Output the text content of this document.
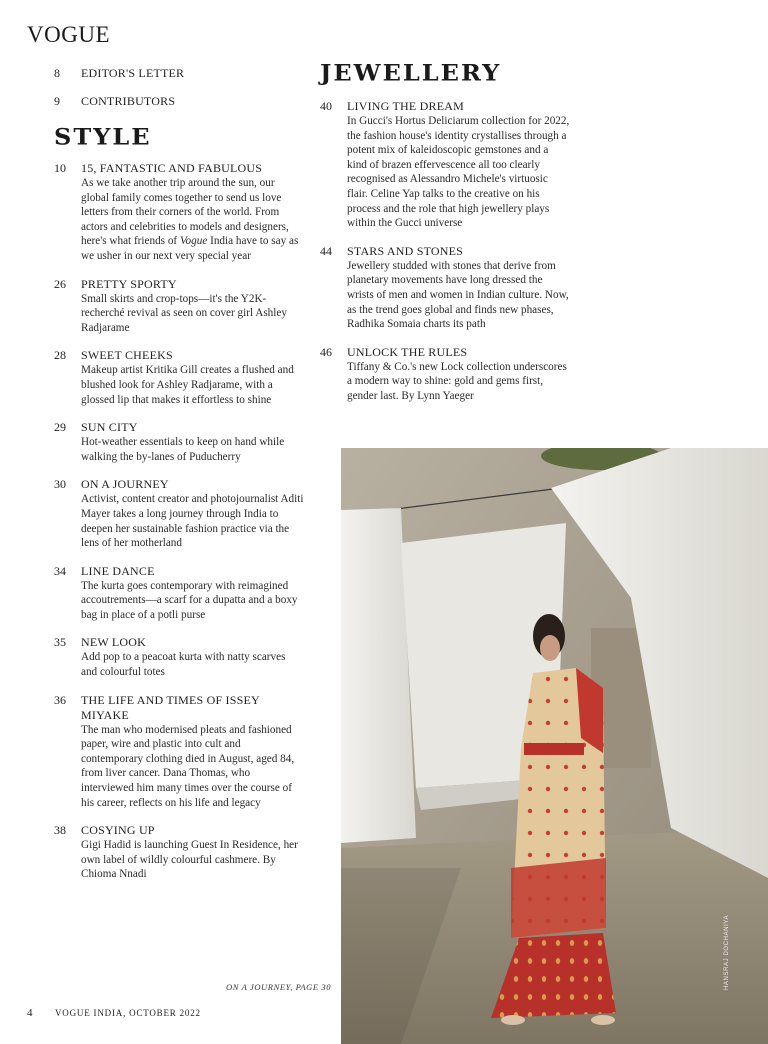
VOGUE
8 EDITOR'S LETTER
9 CONTRIBUTORS
STYLE
10 15, FANTASTIC AND FABULOUS
As we take another trip around the sun, our global family comes together to send us love letters from their corners of the world. From actors and celebrities to models and designers, here's what friends of Vogue India have to say as we usher in our next very special year
26 PRETTY SPORTY
Small skirts and crop-tops—it's the Y2K-recherché revival as seen on cover girl Ashley Radjarame
28 SWEET CHEEKS
Makeup artist Kritika Gill creates a flushed and blushed look for Ashley Radjarame, with a glossed lip that makes it effortless to shine
29 SUN CITY
Hot-weather essentials to keep on hand while walking the by-lanes of Puducherry
30 ON A JOURNEY
Activist, content creator and photojournalist Aditi Mayer takes a long journey through India to deepen her sustainable fashion practice via the lens of her motherland
34 LINE DANCE
The kurta goes contemporary with reimagined accoutrements—a scarf for a dupatta and a boxy bag in place of a potli purse
35 NEW LOOK
Add pop to a peacoat kurta with natty scarves and colourful totes
36 THE LIFE AND TIMES OF ISSEY MIYAKE
The man who modernised pleats and fashioned paper, wire and plastic into cult and contemporary clothing died in August, aged 84, from liver cancer. Dana Thomas, who interviewed him many times over the course of his career, reflects on his life and legacy
38 COSYING UP
Gigi Hadid is launching Guest In Residence, her own label of wildly colourful cashmere. By Chioma Nnadi
JEWELLERY
40 LIVING THE DREAM
In Gucci's Hortus Deliciarum collection for 2022, the fashion house's identity crystallises through a potent mix of kaleidoscopic gemstones and a kind of brazen effervescence all too clearly recognised as Alessandro Michele's virtuosic flair. Celine Yap talks to the creative on his process and the role that high jewellery plays within the Gucci universe
44 STARS AND STONES
Jewellery studded with stones that derive from planetary movements have long dressed the wrists of men and women in Indian culture. Now, as the trend goes global and finds new phases, Radhika Somaia charts its path
46 UNLOCK THE RULES
Tiffany & Co.'s new Lock collection underscores a modern way to shine: gold and gems first, gender last. By Lynn Yaeger
HANSRAJ DOCHANIYA
ON A JOURNEY, PAGE 30
4	VOGUE INDIA, OCTOBER 2022
